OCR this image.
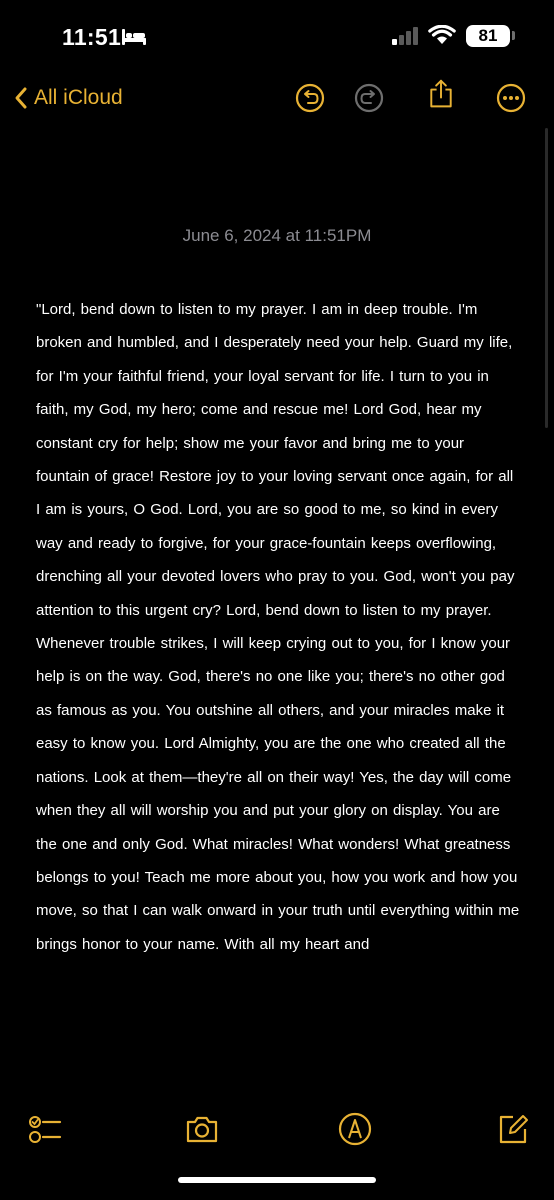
11:51	81
All iCloud
June 6, 2024 at 11:51PM

"Lord, bend down to listen to my prayer. I am in deep trouble. I'm broken and humbled, and I desperately need your help. Guard my life, for I'm your faithful friend, your loyal servant for life. I turn to you in faith, my God, my hero; come and rescue me! Lord God, hear my constant cry for help; show me your favor and bring me to your fountain of grace! Restore joy to your loving servant once again, for all I am is yours, O God. Lord, you are so good to me, so kind in every way and ready to forgive, for your grace-fountain keeps overflowing, drenching all your devoted lovers who pray to you. God, won't you pay attention to this urgent cry? Lord, bend down to listen to my prayer. Whenever trouble strikes, I will keep crying out to you, for I know your help is on the way. God, there's no one like you; there's no other god as famous as you. You outshine all others, and your miracles make it easy to know you. Lord Almighty, you are the one who created all the nations. Look at them—they're all on their way! Yes, the day will come when they all will worship you and put your glory on display. You are the one and only God. What miracles! What wonders! What greatness belongs to you! Teach me more about you, how you work and how you move, so that I can walk onward in your truth until everything within me brings honor to your name. With all my heart and
